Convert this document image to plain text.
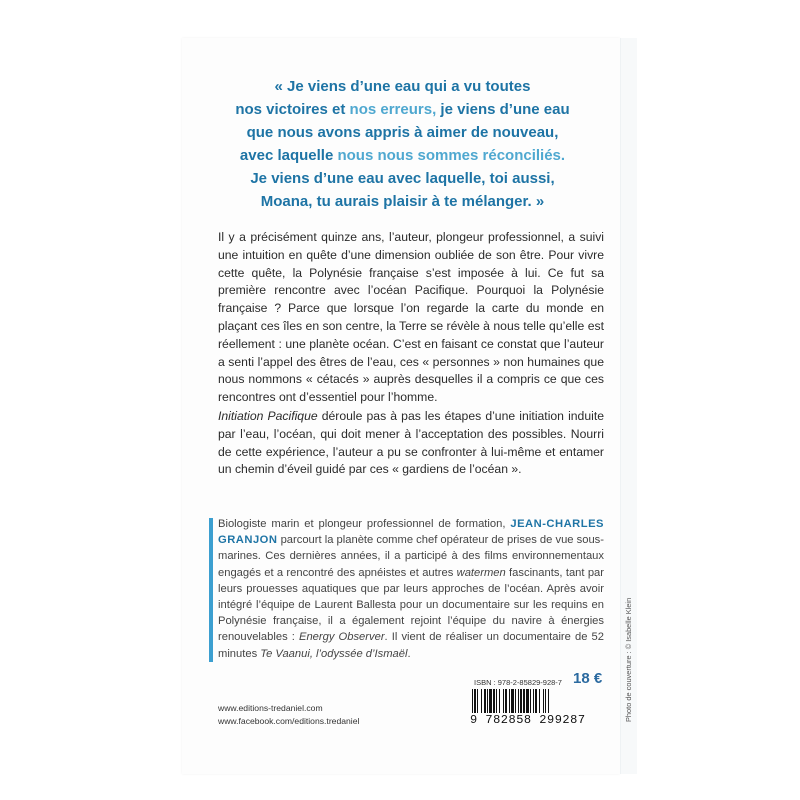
« Je viens d’une eau qui a vu toutes
nos victoires et nos erreurs, je viens d’une eau
que nous avons appris à aimer de nouveau,
avec laquelle nous nous sommes réconciliés.
Je viens d’une eau avec laquelle, toi aussi,
Moana, tu aurais plaisir à te mélanger. »
Il y a précisément quinze ans, l’auteur, plongeur professionnel, a suivi une intuition en quête d’une dimension oubliée de son être. Pour vivre cette quête, la Polynésie française s’est imposée à lui. Ce fut sa première rencontre avec l’océan Pacifique. Pourquoi la Polynésie française ? Parce que lorsque l’on regarde la carte du monde en plaçant ces îles en son centre, la Terre se révèle à nous telle qu’elle est réellement : une planète océan. C’est en faisant ce constat que l’auteur a senti l’appel des êtres de l’eau, ces « personnes » non humaines que nous nommons « cétacés » auprès desquelles il a compris ce que ces rencontres ont d’essentiel pour l’homme.
Initiation Pacifique déroule pas à pas les étapes d’une initiation induite par l’eau, l’océan, qui doit mener à l’acceptation des possibles. Nourri de cette expérience, l’auteur a pu se confronter à lui-même et entamer un chemin d’éveil guidé par ces « gardiens de l’océan ».
Biologiste marin et plongeur professionnel de formation, JEAN-CHARLES GRANJON parcourt la planète comme chef opérateur de prises de vue sous-marines. Ces dernières années, il a participé à des films environnementaux engagés et a rencontré des apnéistes et autres watermen fascinants, tant par leurs prouesses aquatiques que par leurs approches de l’océan. Après avoir intégré l’équipe de Laurent Ballesta pour un documentaire sur les requins en Polynésie française, il a également rejoint l’équipe du navire à énergies renouvelables : Energy Observer. Il vient de réaliser un documentaire de 52 minutes Te Vaanui, l’odyssée d’Ismaël.
ISBN : 978-2-85829-928-7 18 €
9 782858 299287
www.editions-tredaniel.com
www.facebook.com/editions.tredaniel	Photo de couverture : © Isabelle Klein
